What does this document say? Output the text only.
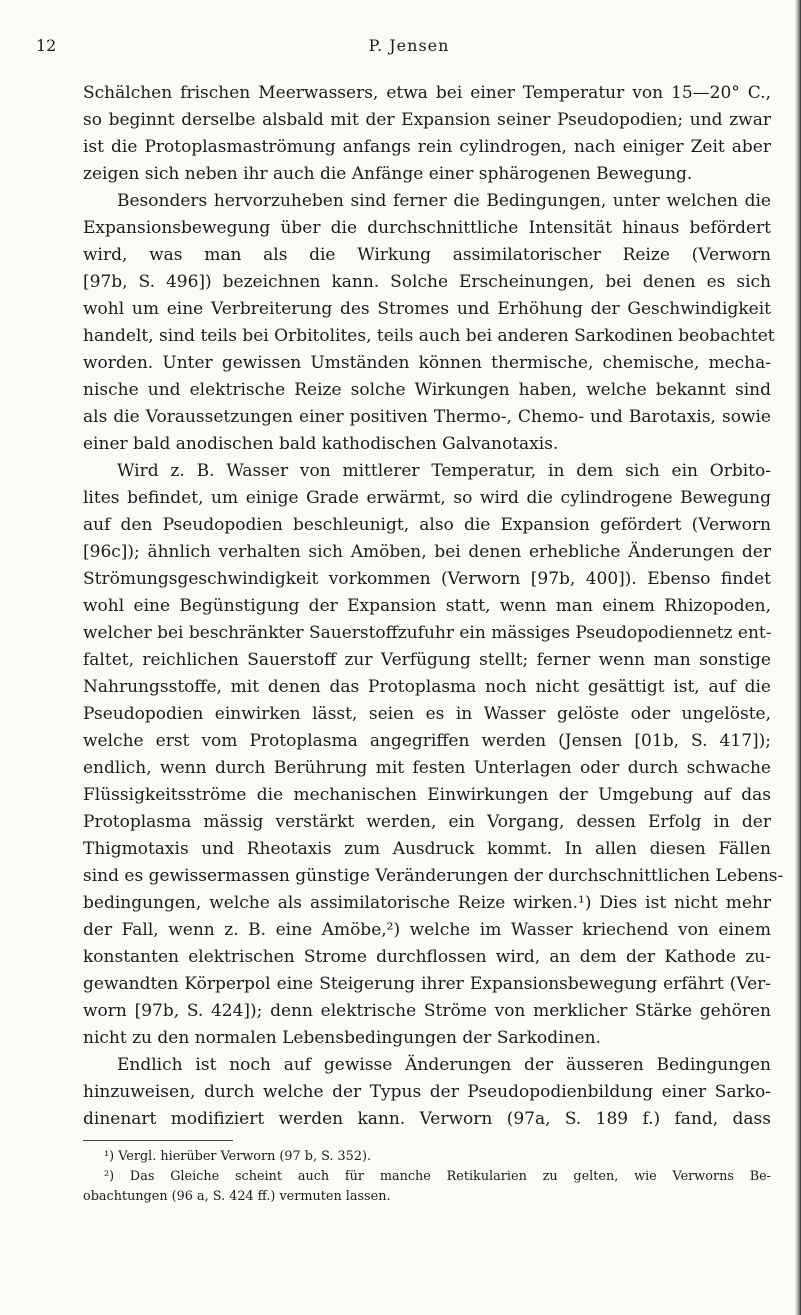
12	P. Jensen
Schälchen frischen Meerwassers, etwa bei einer Temperatur von 15—20° C.,
so beginnt derselbe alsbald mit der Expansion seiner Pseudopodien; und zwar
ist die Protoplasmaströmung anfangs rein cylindrogen, nach einiger Zeit aber
zeigen sich neben ihr auch die Anfänge einer sphärogenen Bewegung.
Besonders hervorzuheben sind ferner die Bedingungen, unter welchen die
Expansionsbewegung über die durchschnittliche Intensität hinaus befördert
wird, was man als die Wirkung assimilatorischer Reize (Verworn
[97b, S. 496]) bezeichnen kann. Solche Erscheinungen, bei denen es sich
wohl um eine Verbreiterung des Stromes und Erhöhung der Geschwindigkeit
handelt, sind teils bei Orbitolites, teils auch bei anderen Sarkodinen beobachtet
worden. Unter gewissen Umständen können thermische, chemische, mecha-
nische und elektrische Reize solche Wirkungen haben, welche bekannt sind
als die Voraussetzungen einer positiven Thermo-, Chemo- und Barotaxis, sowie
einer bald anodischen bald kathodischen Galvanotaxis.
Wird z. B. Wasser von mittlerer Temperatur, in dem sich ein Orbito-
lites befindet, um einige Grade erwärmt, so wird die cylindrogene Bewegung
auf den Pseudopodien beschleunigt, also die Expansion gefördert (Verworn
[96c]); ähnlich verhalten sich Amöben, bei denen erhebliche Änderungen der
Strömungsgeschwindigkeit vorkommen (Verworn [97b, 400]). Ebenso findet
wohl eine Begünstigung der Expansion statt, wenn man einem Rhizopoden,
welcher bei beschränkter Sauerstoffzufuhr ein mässiges Pseudopodiennetz ent-
faltet, reichlichen Sauerstoff zur Verfügung stellt; ferner wenn man sonstige
Nahrungsstoffe, mit denen das Protoplasma noch nicht gesättigt ist, auf die
Pseudopodien einwirken lässt, seien es in Wasser gelöste oder ungelöste,
welche erst vom Protoplasma angegriffen werden (Jensen [01b, S. 417]);
endlich, wenn durch Berührung mit festen Unterlagen oder durch schwache
Flüssigkeitsströme die mechanischen Einwirkungen der Umgebung auf das
Protoplasma mässig verstärkt werden, ein Vorgang, dessen Erfolg in der
Thigmotaxis und Rheotaxis zum Ausdruck kommt. In allen diesen Fällen
sind es gewissermassen günstige Veränderungen der durchschnittlichen Lebens-
bedingungen, welche als assimilatorische Reize wirken.¹) Dies ist nicht mehr
der Fall, wenn z. B. eine Amöbe,²) welche im Wasser kriechend von einem
konstanten elektrischen Strome durchflossen wird, an dem der Kathode zu-
gewandten Körperpol eine Steigerung ihrer Expansionsbewegung erfährt (Ver-
worn [97b, S. 424]); denn elektrische Ströme von merklicher Stärke gehören
nicht zu den normalen Lebensbedingungen der Sarkodinen.
Endlich ist noch auf gewisse Änderungen der äusseren Bedingungen
hinzuweisen, durch welche der Typus der Pseudopodienbildung einer Sarko-
dinenart modifiziert werden kann. Verworn (97a, S. 189 f.) fand, dass
¹) Vergl. hierüber Verworn (97 b, S. 352).
²) Das Gleiche scheint auch für manche Retikularien zu gelten, wie Verworns Be-
obachtungen (96 a, S. 424 ff.) vermuten lassen.
